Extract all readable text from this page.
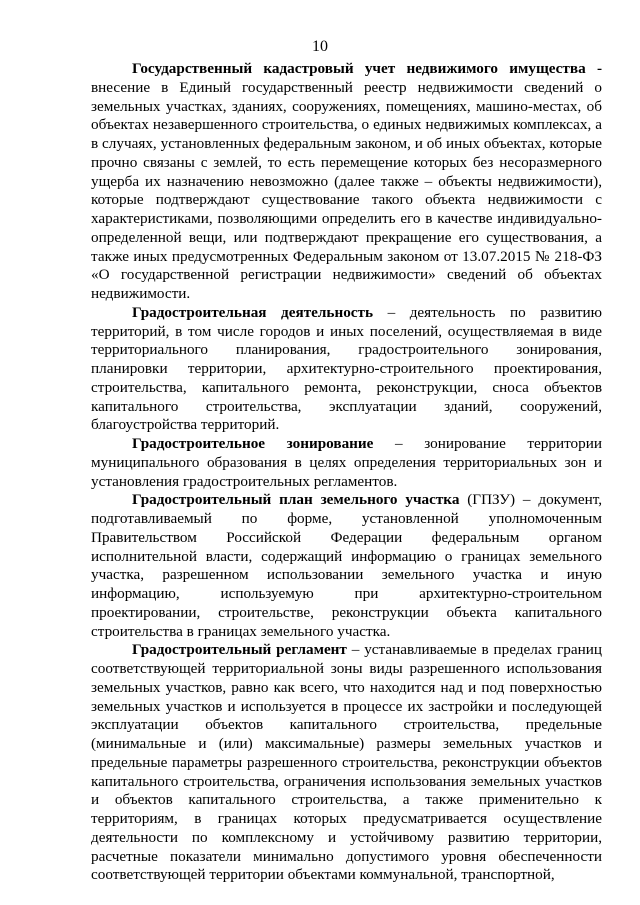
10

Государственный кадастровый учет недвижимого имущества - внесение в Единый государственный реестр недвижимости сведений о земельных участках, зданиях, сооружениях, помещениях, машино-местах, об объектах незавершенного строительства, о единых недвижимых комплексах, а в случаях, установленных федеральным законом, и об иных объектах, которые прочно связаны с землей, то есть перемещение которых без несоразмерного ущерба их назначению невозможно (далее также – объекты недвижимости), которые подтверждают существование такого объекта недвижимости с характеристиками, позволяющими определить его в качестве индивидуально-определенной вещи, или подтверждают прекращение его существования, а также иных предусмотренных Федеральным законом от 13.07.2015 № 218-ФЗ «О государственной регистрации недвижимости» сведений об объектах недвижимости.

Градостроительная деятельность – деятельность по развитию территорий, в том числе городов и иных поселений, осуществляемая в виде территориального планирования, градостроительного зонирования, планировки территории, архитектурно-строительного проектирования, строительства, капитального ремонта, реконструкции, сноса объектов капитального строительства, эксплуатации зданий, сооружений, благоустройства территорий.

Градостроительное зонирование – зонирование территории муниципального образования в целях определения территориальных зон и установления градостроительных регламентов.

Градостроительный план земельного участка (ГПЗУ) – документ, подготавливаемый по форме, установленной уполномоченным Правительством Российской Федерации федеральным органом исполнительной власти, содержащий информацию о границах земельного участка, разрешенном использовании земельного участка и иную информацию, используемую при архитектурно-строительном проектировании, строительстве, реконструкции объекта капитального строительства в границах земельного участка.

Градостроительный регламент – устанавливаемые в пределах границ соответствующей территориальной зоны виды разрешенного использования земельных участков, равно как всего, что находится над и под поверхностью земельных участков и используется в процессе их застройки и последующей эксплуатации объектов капитального строительства, предельные (минимальные и (или) максимальные) размеры земельных участков и предельные параметры разрешенного строительства, реконструкции объектов капитального строительства, ограничения использования земельных участков и объектов капитального строительства, а также применительно к территориям, в границах которых предусматривается осуществление деятельности по комплексному и устойчивому развитию территории, расчетные показатели минимально допустимого уровня обеспеченности соответствующей территории объектами коммунальной, транспортной,
